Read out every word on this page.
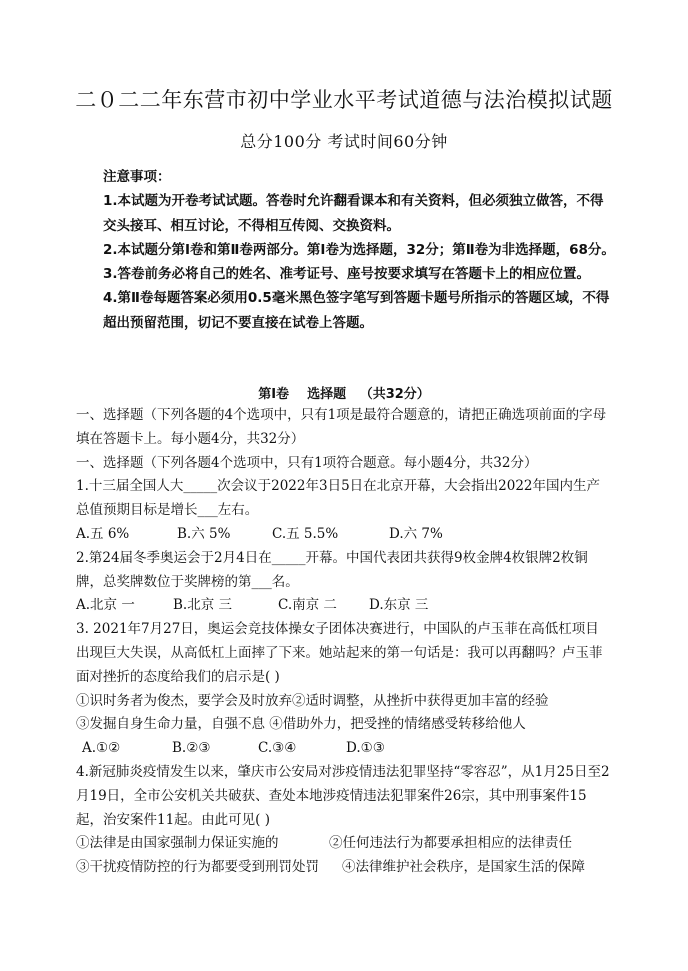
二０二二年东营市初中学业水平考试道德与法治模拟试题
总分100分 考试时间60分钟
注意事项：
1.本试题为开卷考试试题。答卷时允许翻看课本和有关资料，但必须独立做答，不得交头接耳、相互讨论，不得相互传阅、交换资料。
2.本试题分第Ⅰ卷和第Ⅱ卷两部分。第Ⅰ卷为选择题，32分；第Ⅱ卷为非选择题，68分。
3.答卷前务必将自己的姓名、准考证号、座号按要求填写在答题卡上的相应位置。
4.第Ⅱ卷每题答案必须用0.5毫米黑色签字笔写到答题卡题号所指示的答题区域，不得超出预留范围，切记不要直接在试卷上答题。
第Ⅰ卷    选择题   （共32分）
一、选择题（下列各题的4个选项中，只有1项是最符合题意的，请把正确选项前面的字母填在答题卡上。每小题4分，共32分）
一、选择题（下列各题4个选项中，只有1项符合题意。每小题4分，共32分）
1.十三届全国人大_____次会议于2022年3日5日在北京开幕，大会指出2022年国内生产总值预期目标是增长___左右。
A.五 6%	B.六 5%	C.五 5.5%	D.六 7%
2.第24届冬季奥运会于2月4日在_____开幕。中国代表团共获得9枚金牌4枚银牌2枚铜牌，总奖牌数位于奖牌榜的第___名。
A.北京 一	B.北京 三	C.南京 二	D.东京 三
3. 2021年7月27日，奥运会竞技体操女子团体决赛进行，中国队的卢玉菲在高低杠项目出现巨大失误，从高低杠上面摔了下来。她站起来的第一句话是：我可以再翻吗？卢玉菲面对挫折的态度给我们的启示是( )
①识时务者为俊杰，要学会及时放弃②适时调整，从挫折中获得更加丰富的经验
③发掘自身生命力量，自强不息 ④借助外力，把受挫的情绪感受转移给他人
A.①②	B.②③	C.③④	D.①③
4.新冠肺炎疫情发生以来，肇庆市公安局对涉疫情违法犯罪坚持“零容忍”，从1月25日至2月19日，全市公安机关共破获、查处本地涉疫情违法犯罪案件26宗，其中刑事案件15起，治安案件11起。由此可见( )
①法律是由国家强制力保证实施的	②任何违法行为都要承担相应的法律责任
③干扰疫情防控的行为都要受到刑罚处罚	④法律维护社会秩序，是国家生活的保障
